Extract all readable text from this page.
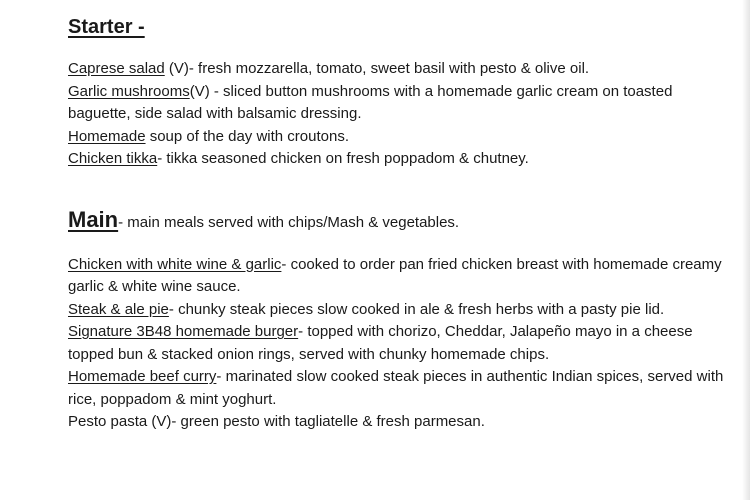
Starter -

Caprese salad (V)- fresh mozzarella, tomato, sweet basil with pesto & olive oil.

Garlic mushrooms(V) - sliced button mushrooms with a homemade garlic cream on toasted baguette, side salad with balsamic dressing.

Homemade soup of the day with croutons.

Chicken tikka- tikka seasoned chicken on fresh poppadom & chutney.

Main - main meals served with chips/Mash & vegetables.

Chicken with white wine & garlic- cooked to order pan fried chicken breast with homemade creamy garlic & white wine sauce.

Steak & ale pie- chunky steak pieces slow cooked in ale & fresh herbs with a pasty pie lid.

Signature 3B48 homemade burger- topped with chorizo, Cheddar, Jalapeño mayo in a cheese topped bun & stacked onion rings, served with chunky homemade chips.

Homemade beef curry- marinated slow cooked steak pieces in authentic Indian spices, served with rice, poppadom & mint yoghurt.

Pesto pasta (V)- green pesto with tagliatelle & fresh parmesan.
